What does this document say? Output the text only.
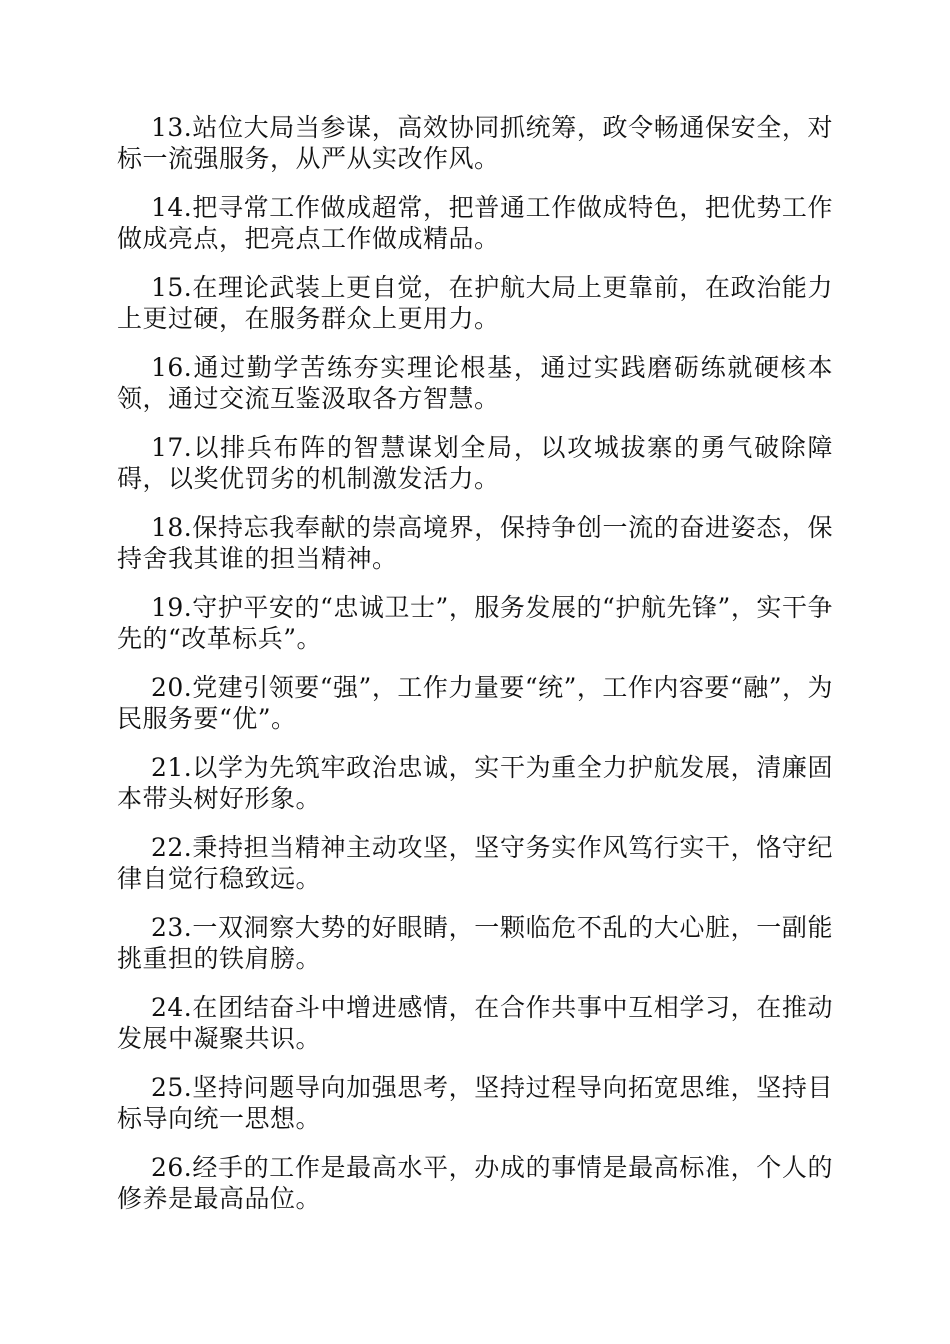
13.站位大局当参谋，高效协同抓统筹，政令畅通保安全，对标一流强服务，从严从实改作风。

14.把寻常工作做成超常，把普通工作做成特色，把优势工作做成亮点，把亮点工作做成精品。

15.在理论武装上更自觉，在护航大局上更靠前，在政治能力上更过硬，在服务群众上更用力。

16.通过勤学苦练夯实理论根基，通过实践磨砺练就硬核本领，通过交流互鉴汲取各方智慧。

17.以排兵布阵的智慧谋划全局，以攻城拔寨的勇气破除障碍，以奖优罚劣的机制激发活力。

18.保持忘我奉献的崇高境界，保持争创一流的奋进姿态，保持舍我其谁的担当精神。

19.守护平安的“忠诚卫士”，服务发展的“护航先锋”，实干争先的“改革标兵”。

20.党建引领要“强”，工作力量要“统”，工作内容要“融”，为民服务要“优”。

21.以学为先筑牢政治忠诚，实干为重全力护航发展，清廉固本带头树好形象。

22.秉持担当精神主动攻坚，坚守务实作风笃行实干，恪守纪律自觉行稳致远。

23.一双洞察大势的好眼睛，一颗临危不乱的大心脏，一副能挑重担的铁肩膀。

24.在团结奋斗中增进感情，在合作共事中互相学习，在推动发展中凝聚共识。

25.坚持问题导向加强思考，坚持过程导向拓宽思维，坚持目标导向统一思想。

26.经手的工作是最高水平，办成的事情是最高标准，个人的修养是最高品位。
